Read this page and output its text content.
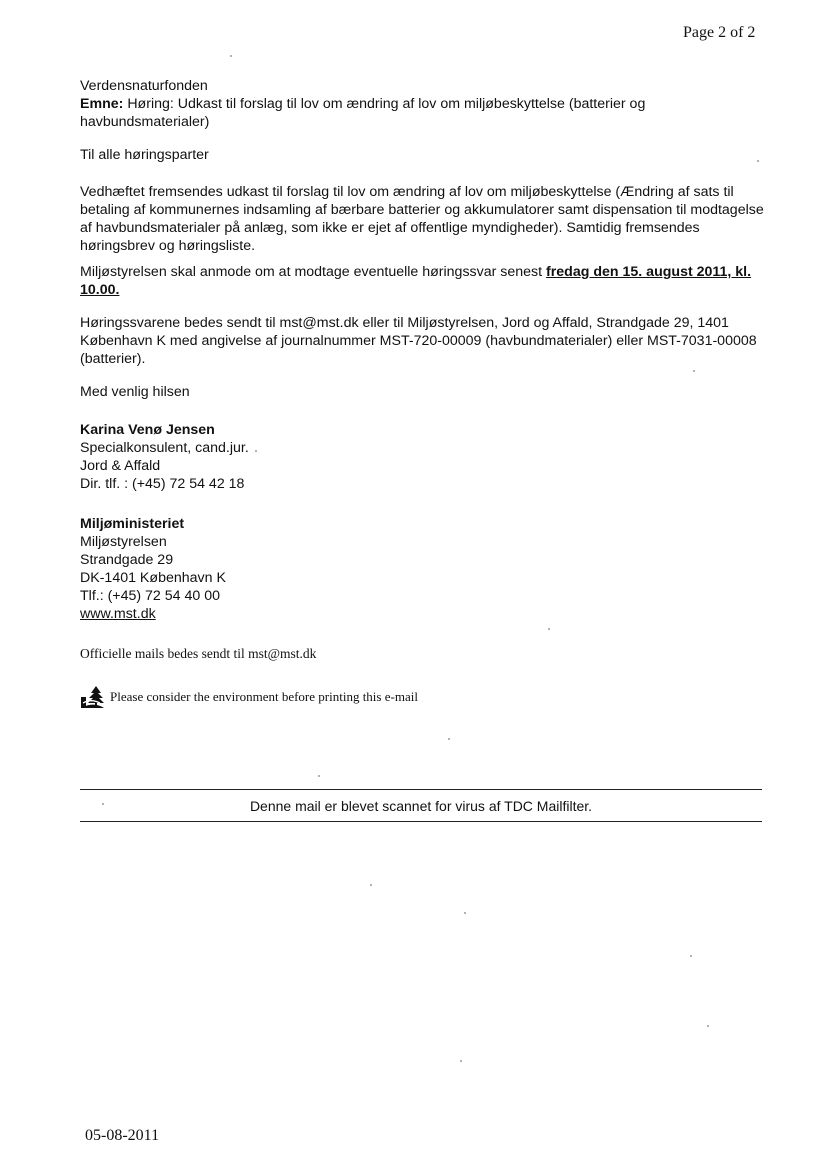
Page 2 of 2

Verdensnaturfonden

Emne: Høring: Udkast til forslag til lov om ændring af lov om miljøbeskyttelse (batterier og havbundsmaterialer)

Til alle høringsparter
Vedhæftet fremsendes udkast til forslag til lov om ændring af lov om miljøbeskyttelse (Ændring af sats til betaling af kommunernes indsamling af bærbare batterier og akkumulatorer samt dispensation til modtagelse af havbundsmaterialer på anlæg, som ikke er ejet af offentlige myndigheder). Samtidig fremsendes høringsbrev og høringsliste.
Miljøstyrelsen skal anmode om at modtage eventuelle høringssvar senest fredag den 15. august 2011, kl. 10.00.
Høringssvarene bedes sendt til mst@mst.dk eller til Miljøstyrelsen, Jord og Affald, Strandgade 29, 1401 København K med angivelse af journalnummer MST-720-00009 (havbundmaterialer) eller MST-7031-00008 (batterier).
Med venlig hilsen

Karina Venø Jensen

Specialkonsulent, cand.jur.

Jord & Affald

Dir. tlf. : (+45) 72 54 42 18

Miljøministeriet

Miljøstyrelsen

Strandgade 29

DK-1401 København K

Tlf.: (+45) 72 54 40 00

www.mst.dk

Officielle mails bedes sendt til mst@mst.dk
Please consider the environment before printing this e-mail
Denne mail er blevet scannet for virus af TDC Mailfilter.
05-08-2011
